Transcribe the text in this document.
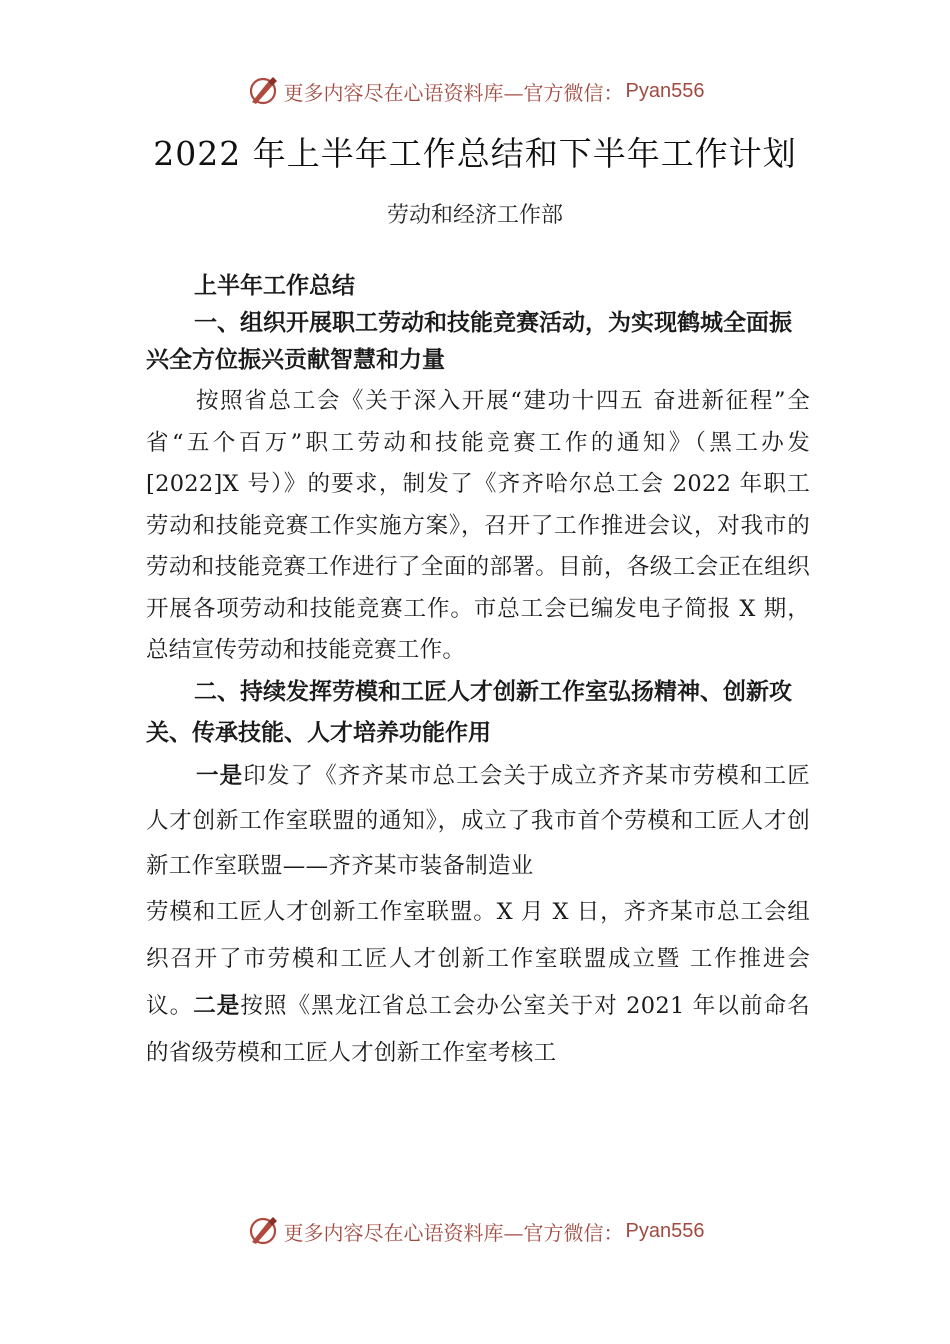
更多内容尽在心语资料库—官方微信： Pyan556
2022 年上半年工作总结和下半年工作计划
劳动和经济工作部

上半年工作总结

一、组织开展职工劳动和技能竞赛活动，为实现鹤城全面振兴全方位振兴贡献智慧和力量

按照省总工会《关于深入开展“建功十四五 奋进新征程”全省“五个百万”职工劳动和技能竞赛工作的通知》（黑工办发[2022]X 号）》的要求，制发了《齐齐哈尔总工会 2022 年职工劳动和技能竞赛工作实施方案》，召开了工作推进会议，对我市的劳动和技能竞赛工作进行了全面的部署。目前，各级工会正在组织开展各项劳动和技能竞赛工作。市总工会已编发电子简报 X 期，总结宣传劳动和技能竞赛工作。

二、持续发挥劳模和工匠人才创新工作室弘扬精神、创新攻关、传承技能、人才培养功能作用

一是印发了《齐齐某市总工会关于成立齐齐某市劳模和工匠人才创新工作室联盟的通知》，成立了我市首个劳模和工匠人才创新工作室联盟——齐齐某市装备制造业

劳模和工匠人才创新工作室联盟。X 月 X 日，齐齐某市总工会组织召开了市劳模和工匠人才创新工作室联盟成立暨 工作推进会议。二是按照《黑龙江省总工会办公室关于对 2021 年以前命名的省级劳模和工匠人才创新工作室考核工

更多内容尽在心语资料库—官方微信： Pyan556
